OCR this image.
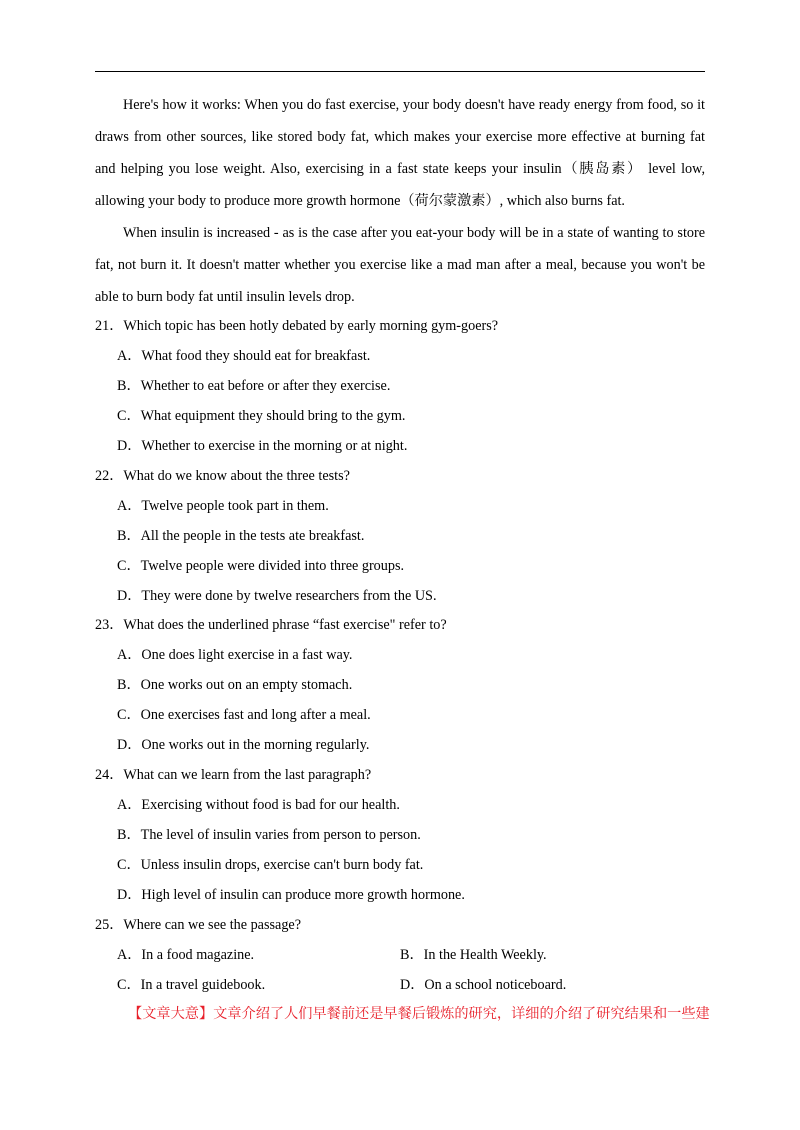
Here's how it works: When you do fast exercise, your body doesn't have ready energy from food, so it draws from other sources, like stored body fat, which makes your exercise more effective at burning fat and helping you lose weight. Also, exercising in a fast state keeps your insulin（胰岛素） level low, allowing your body to produce more growth hormone（荷尔蒙激素）, which also burns fat.

When insulin is increased - as is the case after you eat-your body will be in a state of wanting to store fat, not burn it. It doesn't matter whether you exercise like a mad man after a meal, because you won't be able to burn body fat until insulin levels drop.

21．Which topic has been hotly debated by early morning gym-goers?
A．What food they should eat for breakfast.
B．Whether to eat before or after they exercise.
C．What equipment they should bring to the gym.
D．Whether to exercise in the morning or at night.
22．What do we know about the three tests?
A．Twelve people took part in them.
B．All the people in the tests ate breakfast.
C．Twelve people were divided into three groups.
D．They were done by twelve researchers from the US.
23．What does the underlined phrase “fast exercise" refer to?
A．One does light exercise in a fast way.
B．One works out on an empty stomach.
C．One exercises fast and long after a meal.
D．One works out in the morning regularly.
24．What can we learn from the last paragraph?
A．Exercising without food is bad for our health.
B．The level of insulin varies from person to person.
C．Unless insulin drops, exercise can't burn body fat.
D．High level of insulin can produce more growth hormone.
25．Where can we see the passage?
A．In a food magazine.	B．In the Health Weekly.
C．In a travel guidebook.	D．On a school noticeboard.
【文章大意】文章介绍了人们早餐前还是早餐后锻炼的研究，详细的介绍了研究结果和一些建
